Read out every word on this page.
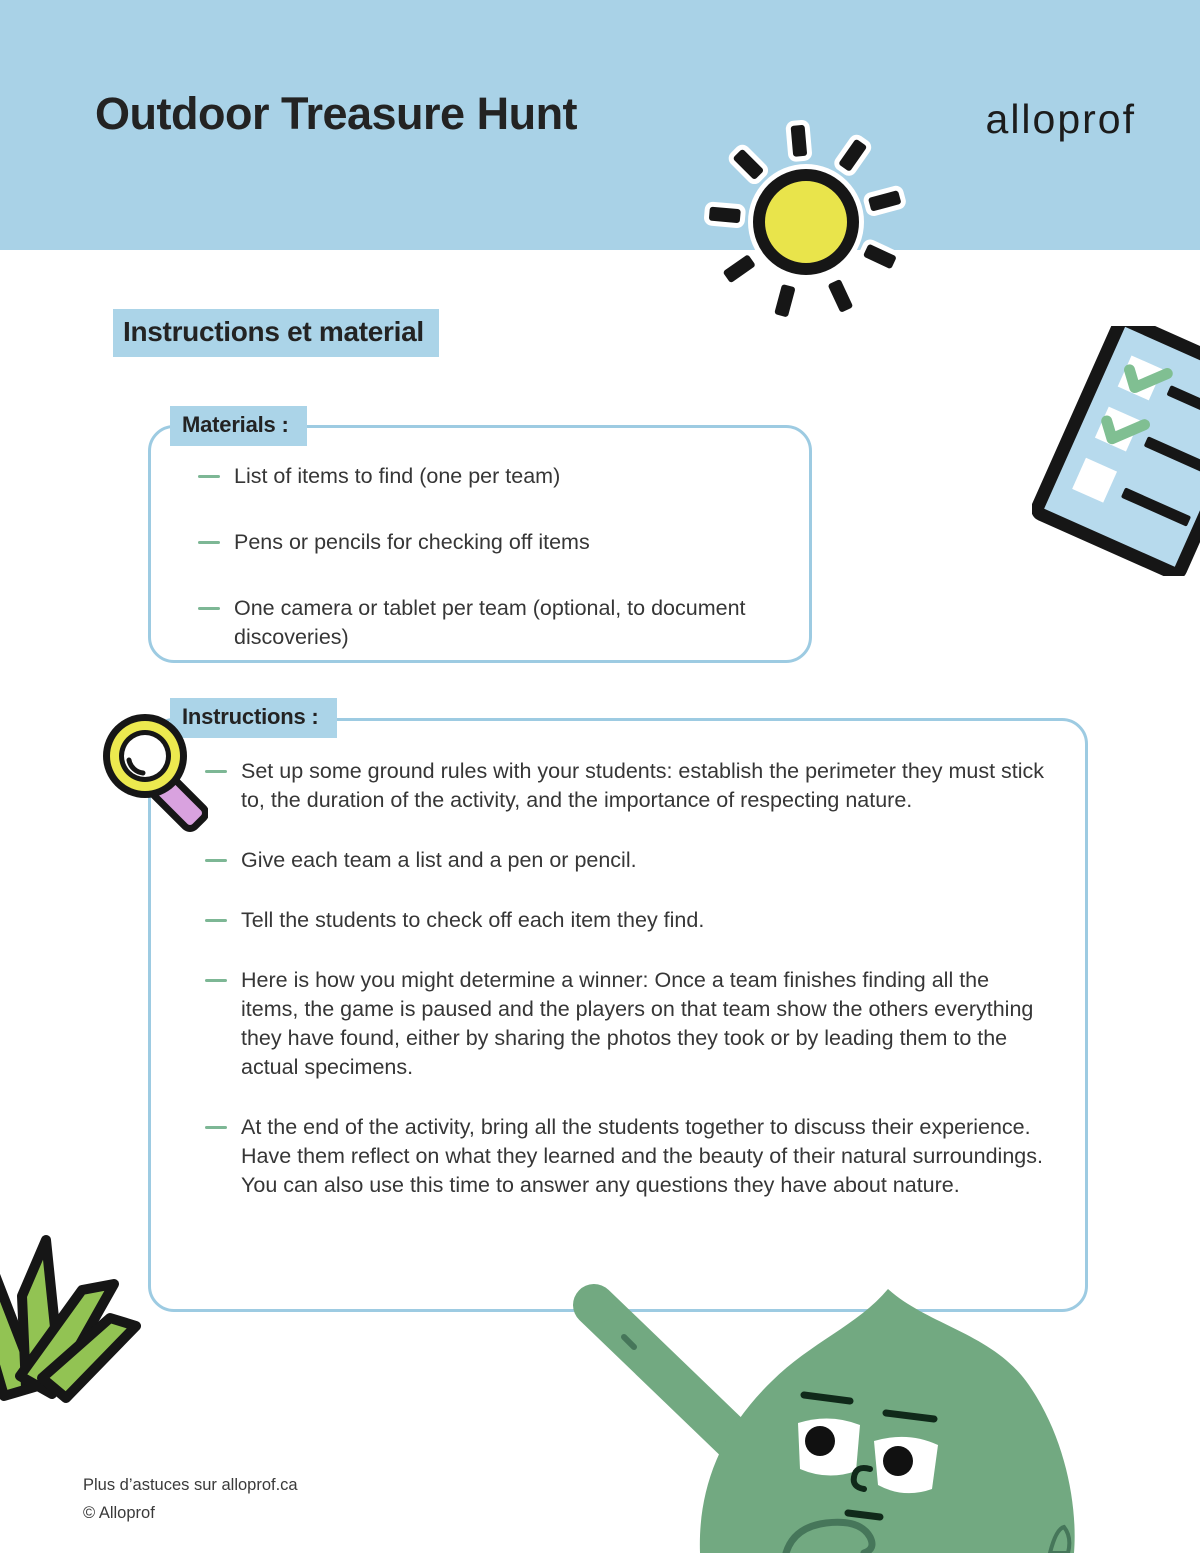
Outdoor Treasure Hunt	alloprof
Instructions et material
Materials :
List of items to find (one per team)
Pens or pencils for checking off items
One camera or tablet per team (optional, to document discoveries)
Instructions :
Set up some ground rules with your students: establish the perimeter they must stick to, the duration of the activity, and the importance of respecting nature.
Give each team a list and a pen or pencil.
Tell the students to check off each item they find.
Here is how you might determine a winner: Once a team finishes finding all the items, the game is paused and the players on that team show the others everything they have found, either by sharing the photos they took or by leading them to the actual specimens.
At the end of the activity, bring all the students together to discuss their experience. Have them reflect on what they learned and the beauty of their natural surroundings. You can also use this time to answer any questions they have about nature.
Plus d’astuces sur alloprof.ca
© Alloprof
